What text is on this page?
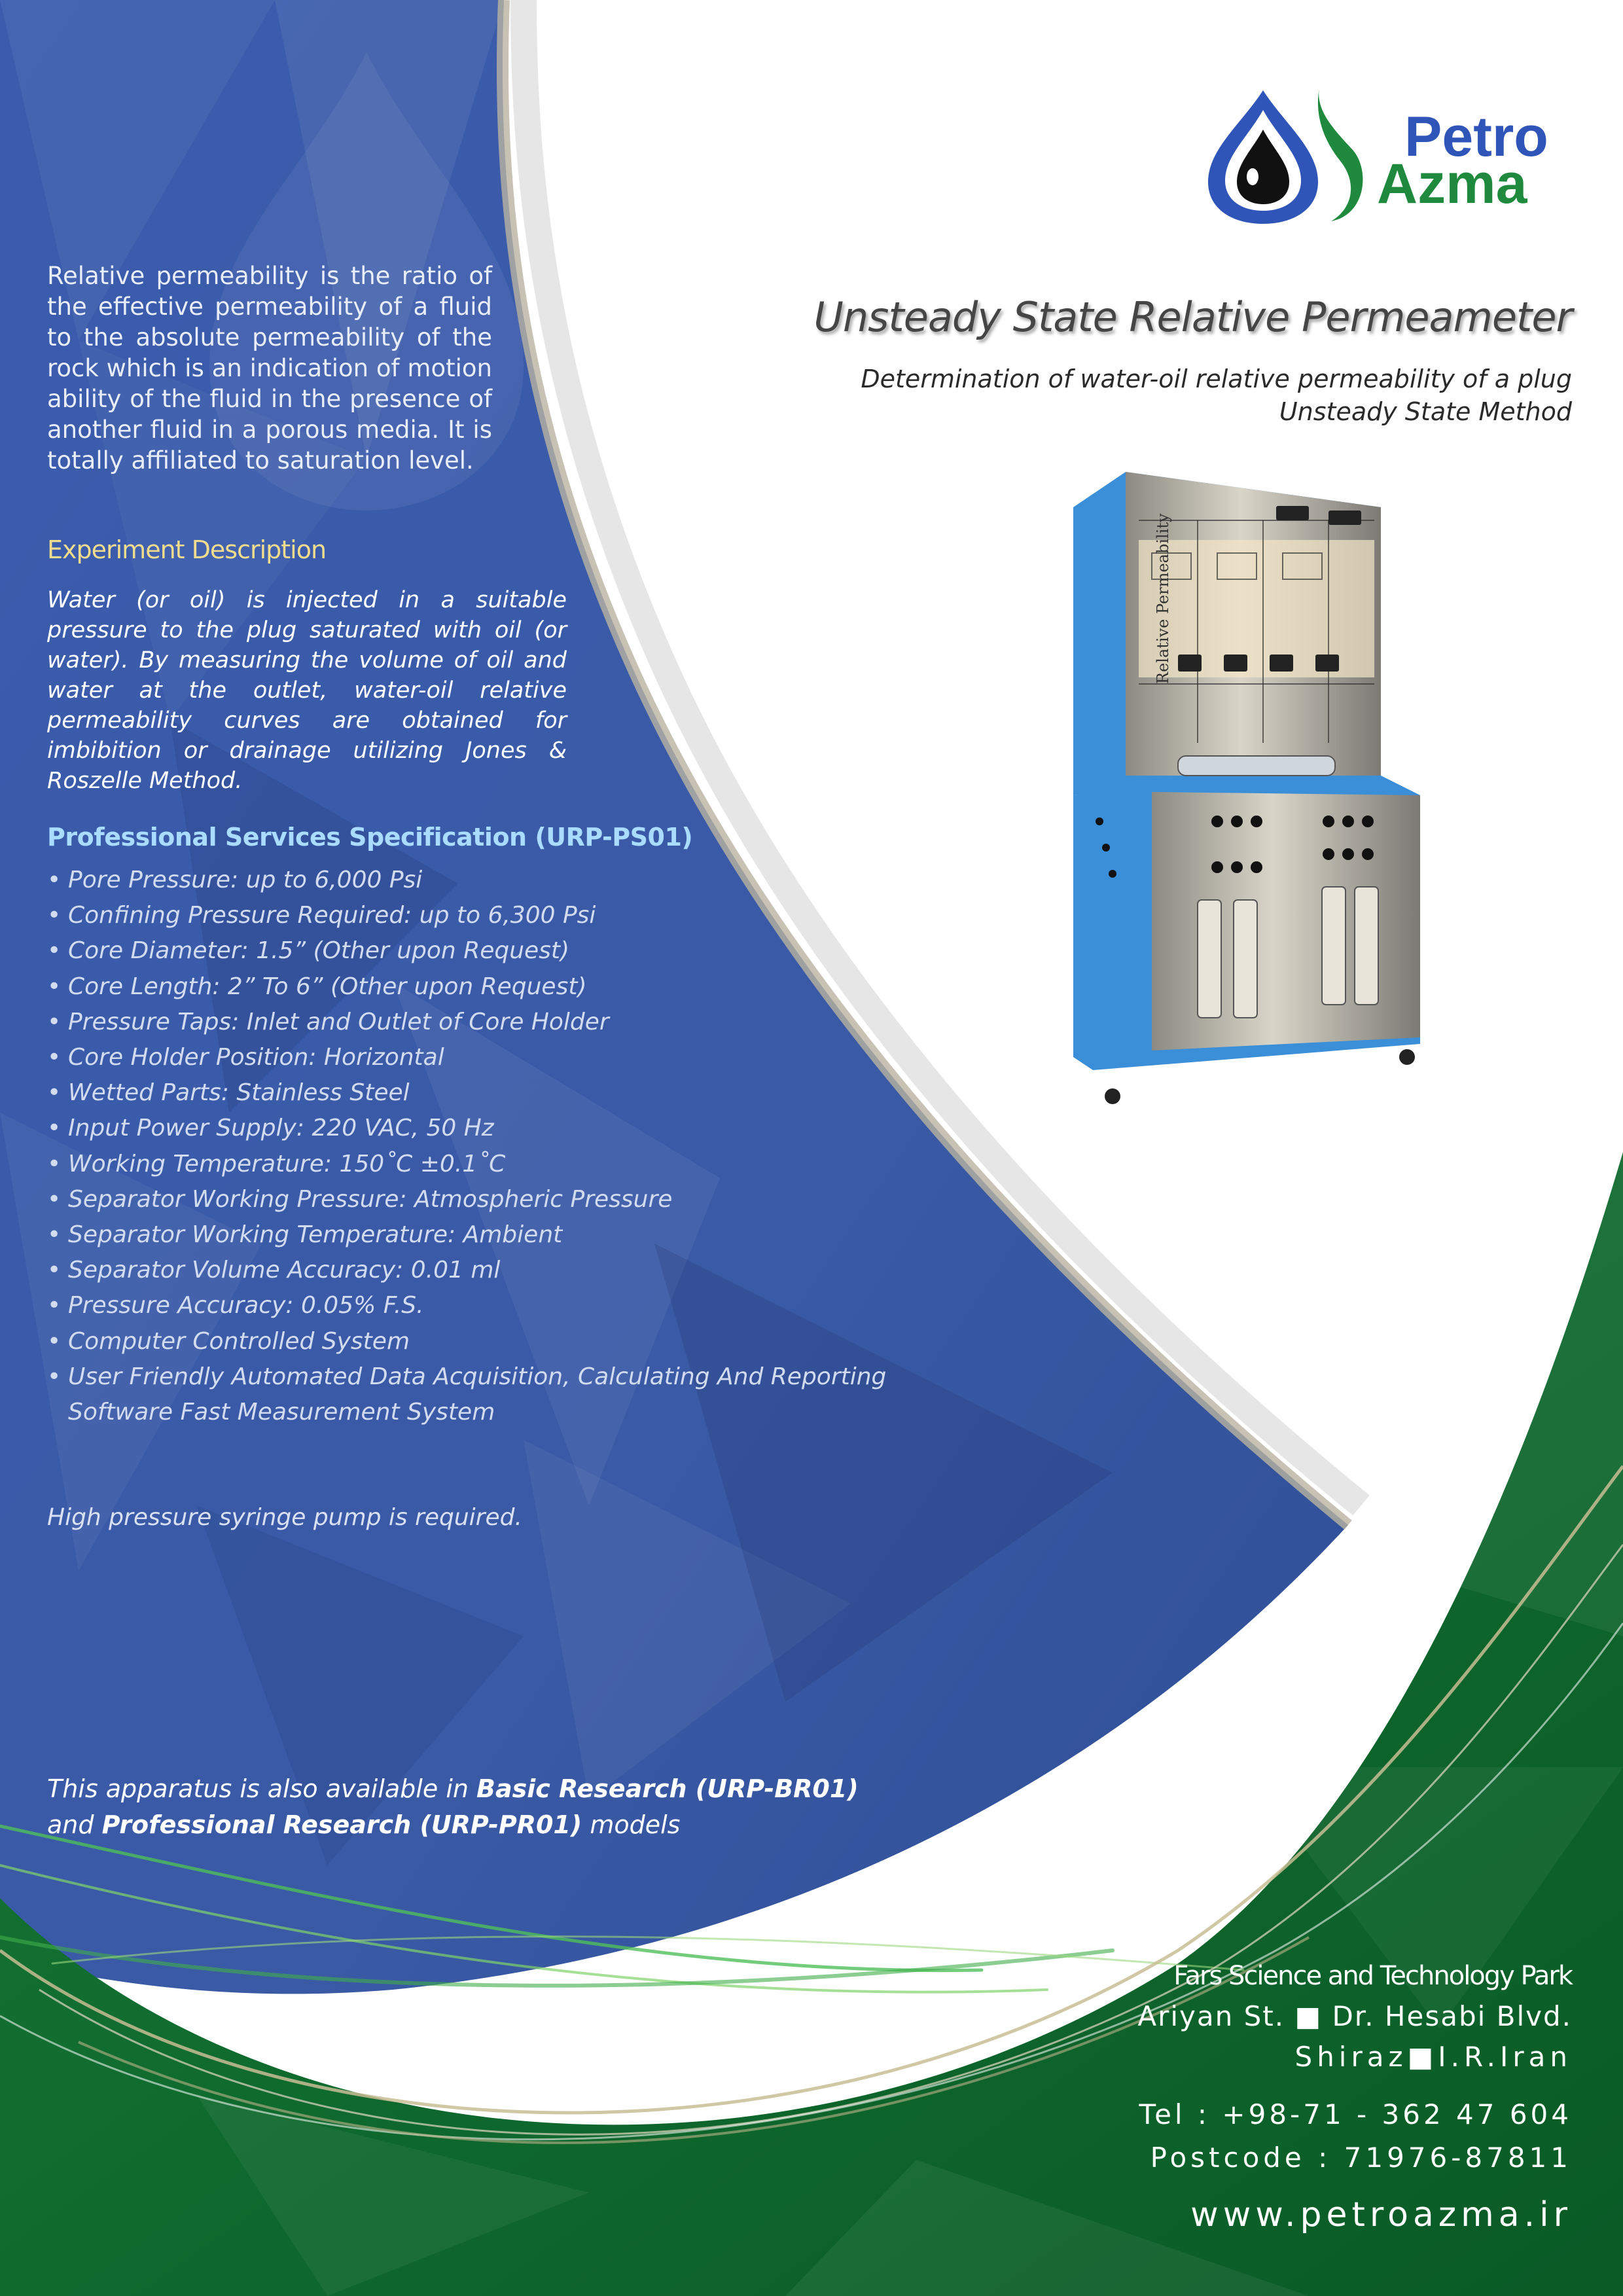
Petro
Azma
Unsteady State Relative Permeameter
Determination of water-oil relative permeability of a plug
Unsteady State Method
Relative Permeability
Relative permeability is the ratio of the effective permeability of a fluid to the absolute permeability of the rock which is an indication of motion ability of the fluid in the presence of another fluid in a porous media. It is totally affiliated to saturation level.
Experiment Description
Water (or oil) is injected in a suitable pressure to the plug saturated with oil (or water). By measuring the volume of oil and water at the outlet, water-oil relative permeability curves are obtained for imbibition or drainage utilizing Jones & Roszelle Method.
Professional Services Specification (URP-PS01)
• Pore Pressure: up to 6,000 Psi
• Confining Pressure Required: up to 6,300 Psi
• Core Diameter: 1.5” (Other upon Request)
• Core Length: 2” To 6” (Other upon Request)
• Pressure Taps: Inlet and Outlet of Core Holder
• Core Holder Position: Horizontal
• Wetted Parts: Stainless Steel
• Input Power Supply: 220 VAC, 50 Hz
• Working Temperature: 150˚C ±0.1˚C
• Separator Working Pressure: Atmospheric Pressure
• Separator Working Temperature: Ambient
• Separator Volume Accuracy: 0.01 ml
• Pressure Accuracy: 0.05% F.S.
• Computer Controlled System
• User Friendly Automated Data Acquisition, Calculating And Reporting Software Fast Measurement System
High pressure syringe pump is required.
This apparatus is also available in Basic Research (URP-BR01)
and Professional Research (URP-PR01) models
Fars Science and Technology Park
Ariyan St. ■ Dr. Hesabi Blvd.
Shiraz■I.R.Iran
Tel : +98-71 - 362 47 604
Postcode : 71976-87811
www.petroazma.ir
